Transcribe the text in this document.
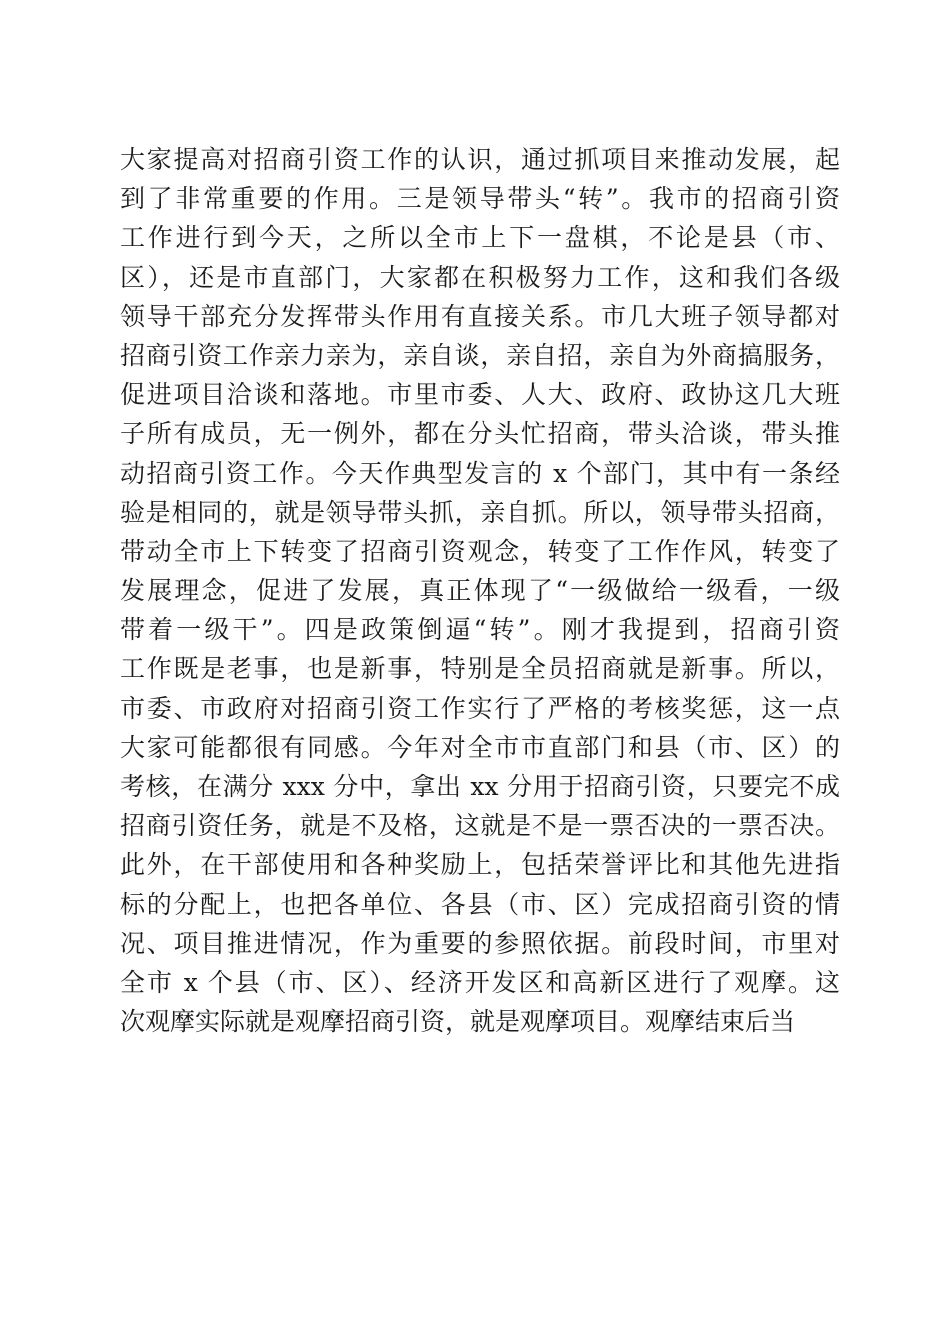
大家提高对招商引资工作的认识，通过抓项目来推动发展，起
到了非常重要的作用。三是领导带头“转”。我市的招商引资
工作进行到今天，之所以全市上下一盘棋，不论是县（市、
区），还是市直部门，大家都在积极努力工作，这和我们各级
领导干部充分发挥带头作用有直接关系。市几大班子领导都对
招商引资工作亲力亲为，亲自谈，亲自招，亲自为外商搞服务，
促进项目洽谈和落地。市里市委、人大、政府、政协这几大班
子所有成员，无一例外，都在分头忙招商，带头洽谈，带头推
动招商引资工作。今天作典型发言的 x 个部门，其中有一条经
验是相同的，就是领导带头抓，亲自抓。所以，领导带头招商，
带动全市上下转变了招商引资观念，转变了工作作风，转变了
发展理念，促进了发展，真正体现了“一级做给一级看，一级
带着一级干”。四是政策倒逼“转”。刚才我提到，招商引资
工作既是老事，也是新事，特别是全员招商就是新事。所以，
市委、市政府对招商引资工作实行了严格的考核奖惩，这一点
大家可能都很有同感。今年对全市市直部门和县（市、区）的
考核，在满分 xxx 分中，拿出 xx 分用于招商引资，只要完不成
招商引资任务，就是不及格，这就是不是一票否决的一票否决。
此外，在干部使用和各种奖励上，包括荣誉评比和其他先进指
标的分配上，也把各单位、各县（市、区）完成招商引资的情
况、项目推进情况，作为重要的参照依据。前段时间，市里对
全市 x 个县（市、区）、经济开发区和高新区进行了观摩。这
次观摩实际就是观摩招商引资，就是观摩项目。观摩结束后当
